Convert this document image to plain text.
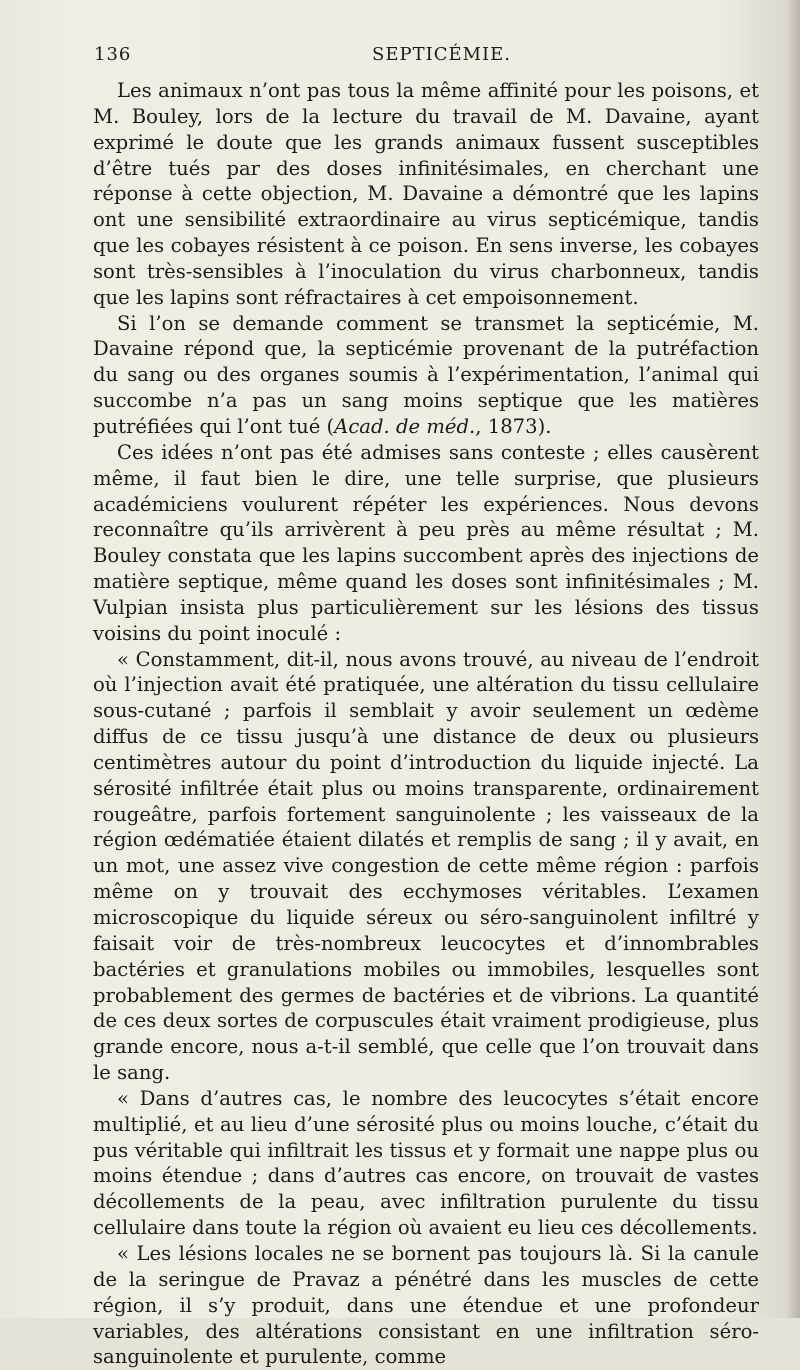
136	SEPTICÉMIE.

Les animaux n’ont pas tous la même affinité pour les poisons, et M. Bouley, lors de la lecture du travail de M. Davaine, ayant exprimé le doute que les grands animaux fussent susceptibles d’être tués par des doses infinitésimales, en cherchant une réponse à cette objection, M. Davaine a démontré que les lapins ont une sensibilité extraordinaire au virus septicémique, tandis que les cobayes résistent à ce poison. En sens inverse, les cobayes sont très-sensibles à l’inoculation du virus charbonneux, tandis que les lapins sont réfractaires à cet empoisonnement.

Si l’on se demande comment se transmet la septicémie, M. Davaine répond que, la septicémie provenant de la putréfaction du sang ou des organes soumis à l’expérimentation, l’animal qui succombe n’a pas un sang moins septique que les matières putréfiées qui l’ont tué (Acad. de méd., 1873).

Ces idées n’ont pas été admises sans conteste ; elles causèrent même, il faut bien le dire, une telle surprise, que plusieurs académiciens voulurent répéter les expériences. Nous devons reconnaître qu’ils arrivèrent à peu près au même résultat ; M. Bouley constata que les lapins succombent après des injections de matière septique, même quand les doses sont infinitésimales ; M. Vulpian insista plus particulièrement sur les lésions des tissus voisins du point inoculé :

« Constamment, dit-il, nous avons trouvé, au niveau de l’endroit où l’injection avait été pratiquée, une altération du tissu cellulaire sous-cutané ; parfois il semblait y avoir seulement un œdème diffus de ce tissu jusqu’à une distance de deux ou plusieurs centimètres autour du point d’introduction du liquide injecté. La sérosité infiltrée était plus ou moins transparente, ordinairement rougeâtre, parfois fortement sanguinolente ; les vaisseaux de la région œdématiée étaient dilatés et remplis de sang ; il y avait, en un mot, une assez vive congestion de cette même région : parfois même on y trouvait des ecchymoses véritables. L’examen microscopique du liquide séreux ou séro-sanguinolent infiltré y faisait voir de très-nombreux leucocytes et d’innombrables bactéries et granulations mobiles ou immobiles, lesquelles sont probablement des germes de bactéries et de vibrions. La quantité de ces deux sortes de corpuscules était vraiment prodigieuse, plus grande encore, nous a-t-il semblé, que celle que l’on trouvait dans le sang.

« Dans d’autres cas, le nombre des leucocytes s’était encore multiplié, et au lieu d’une sérosité plus ou moins louche, c’était du pus véritable qui infiltrait les tissus et y formait une nappe plus ou moins étendue ; dans d’autres cas encore, on trouvait de vastes décollements de la peau, avec infiltration purulente du tissu cellulaire dans toute la région où avaient eu lieu ces décollements.

« Les lésions locales ne se bornent pas toujours là. Si la canule de la seringue de Pravaz a pénétré dans les muscles de cette région, il s’y produit, dans une étendue et une profondeur variables, des altérations consistant en une infiltration séro-sanguinolente et purulente, comme
